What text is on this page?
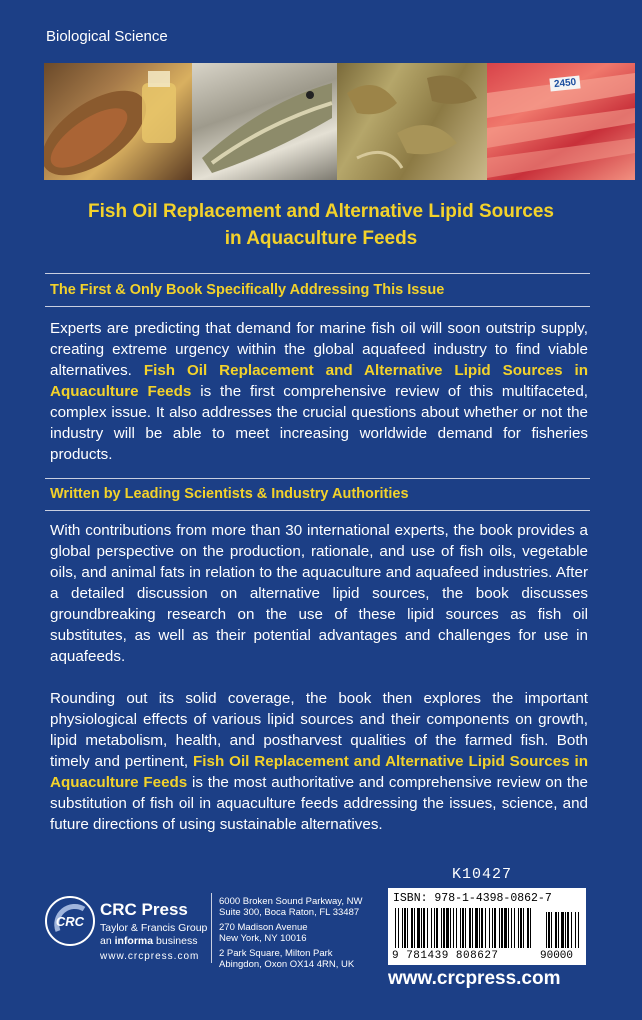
Biological Science
2450
Fish Oil Replacement and Alternative Lipid Sources
in Aquaculture Feeds
The First & Only Book Specifically Addressing This Issue
Experts are predicting that demand for marine fish oil will soon outstrip supply, creating extreme urgency within the global aquafeed industry to find viable alternatives. Fish Oil Replacement and Alternative Lipid Sources in Aquaculture Feeds is the first comprehensive review of this multifaceted, complex issue. It also addresses the crucial questions about whether or not the industry will be able to meet increasing worldwide demand for fisheries products.
Written by Leading Scientists & Industry Authorities
With contributions from more than 30 international experts, the book provides a global perspective on the production, rationale, and use of fish oils, vegetable oils, and animal fats in relation to the aquaculture and aquafeed industries. After a detailed discussion on alternative lipid sources, the book discusses groundbreaking research on the use of these lipid sources as fish oil substitutes, as well as their potential advantages and challenges for use in aquafeeds.
Rounding out its solid coverage, the book then explores the important physiological effects of various lipid sources and their components on growth, lipid metabolism, health, and postharvest qualities of the farmed fish. Both timely and pertinent, Fish Oil Replacement and Alternative Lipid Sources in Aquaculture Feeds is the most authoritative and comprehensive review on the substitution of fish oil in aquaculture feeds addressing the issues, science, and future directions of using sustainable alternatives.
K10427
CRC
CRC Press
Taylor & Francis Group
an informa business
www.crcpress.com
6000 Broken Sound Parkway, NW
Suite 300, Boca Raton, FL 33487
270 Madison Avenue
New York, NY 10016
2 Park Square, Milton Park
Abingdon, Oxon OX14 4RN, UK
ISBN: 978-1-4398-0862-7
9 781439 808627	90000
www.crcpress.com
